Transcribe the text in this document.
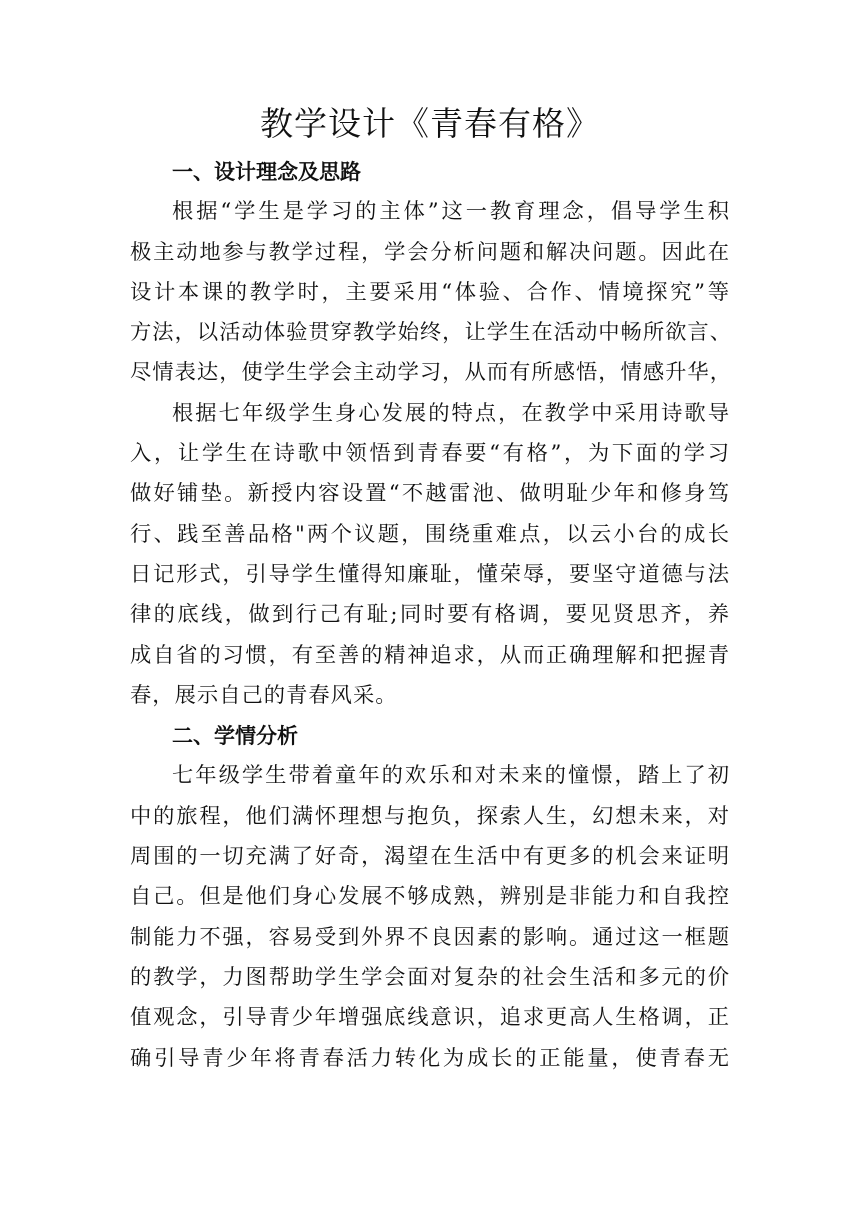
教学设计《青春有格》
一、设计理念及思路
根据“学生是学习的主体”这一教育理念，倡导学生积
极主动地参与教学过程，学会分析问题和解决问题。因此在
设计本课的教学时，主要采用“体验、合作、情境探究”等
方法，以活动体验贯穿教学始终，让学生在活动中畅所欲言、
尽情表达，使学生学会主动学习，从而有所感悟，情感升华，
根据七年级学生身心发展的特点，在教学中采用诗歌导
入，让学生在诗歌中领悟到青春要“有格”，为下面的学习
做好铺垫。新授内容设置“不越雷池、做明耻少年和修身笃
行、践至善品格"两个议题，围绕重难点，以云小台的成长
日记形式，引导学生懂得知廉耻，懂荣辱，要坚守道德与法
律的底线，做到行己有耻;同时要有格调，要见贤思齐，养
成自省的习惯，有至善的精神追求，从而正确理解和把握青
春，展示自己的青春风采。
二、学情分析
七年级学生带着童年的欢乐和对未来的憧憬，踏上了初
中的旅程，他们满怀理想与抱负，探索人生，幻想未来，对
周围的一切充满了好奇，渴望在生活中有更多的机会来证明
自己。但是他们身心发展不够成熟，辨别是非能力和自我控
制能力不强，容易受到外界不良因素的影响。通过这一框题
的教学，力图帮助学生学会面对复杂的社会生活和多元的价
值观念，引导青少年增强底线意识，追求更高人生格调，正
确引导青少年将青春活力转化为成长的正能量，使青春无
